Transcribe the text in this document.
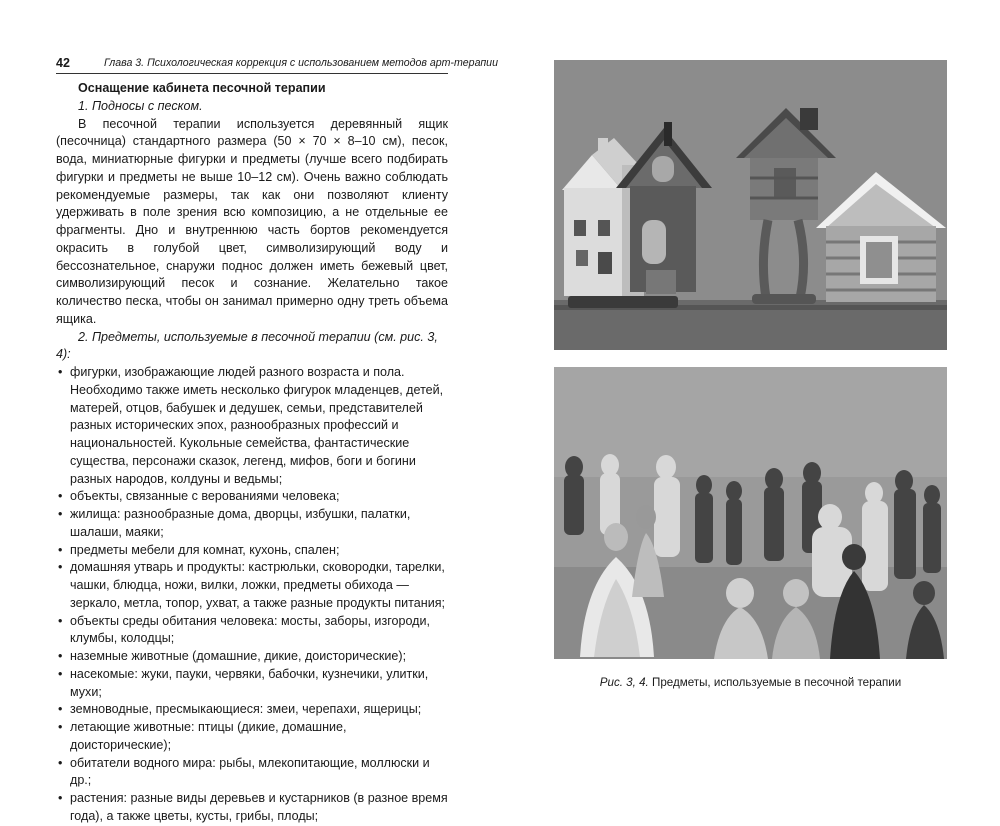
42	Глава 3. Психологическая коррекция с использованием методов арт-терапии

Оснащение кабинета песочной терапии

1. Подносы с песком.

В песочной терапии используется деревянный ящик (песочница) стандартного размера (50 × 70 × 8–10 см), песок, вода, миниатюрные фигурки и предметы (лучше всего подбирать фигурки и предметы не выше 10–12 см). Очень важно соблюдать рекомендуемые размеры, так как они позволяют клиенту удерживать в поле зрения всю композицию, а не отдельные ее фрагменты. Дно и внутреннюю часть бортов рекомендуется окрасить в голубой цвет, символизирующий воду и бессознательное, снаружи поднос должен иметь бежевый цвет, символизирующий песок и сознание. Желательно такое количество песка, чтобы он занимал примерно одну треть объема ящика.

2. Предметы, используемые в песочной терапии (см. рис. 3, 4):

• фигурки, изображающие людей разного возраста и пола. Необходимо также иметь несколько фигурок младенцев, детей, матерей, отцов, бабушек и дедушек, семьи, представителей разных исторических эпох, разнообразных профессий и национальностей. Кукольные семейства, фантастические существа, персонажи сказок, легенд, мифов, боги и богини разных народов, колдуны и ведьмы;
• объекты, связанные с верованиями человека;
• жилища: разнообразные дома, дворцы, избушки, палатки, шалаши, маяки;
• предметы мебели для комнат, кухонь, спален;
• домашняя утварь и продукты: кастрюльки, сковородки, тарелки, чашки, блюдца, ножи, вилки, ложки, предметы обихода — зеркало, метла, топор, ухват, а также разные продукты питания;
• объекты среды обитания человека: мосты, заборы, изгороди, клумбы, колодцы;
• наземные животные (домашние, дикие, доисторические);
• насекомые: жуки, пауки, червяки, бабочки, кузнечики, улитки, мухи;
• земноводные, пресмыкающиеся: змеи, черепахи, ящерицы;
• летающие животные: птицы (дикие, домашние, доисторические);
• обитатели водного мира: рыбы, млекопитающие, моллюски и др.;
• растения: разные виды деревьев и кустарников (в разное время года), а также цветы, кусты, грибы, плоды;
Рис. 3, 4. Предметы, используемые в песочной терапии
